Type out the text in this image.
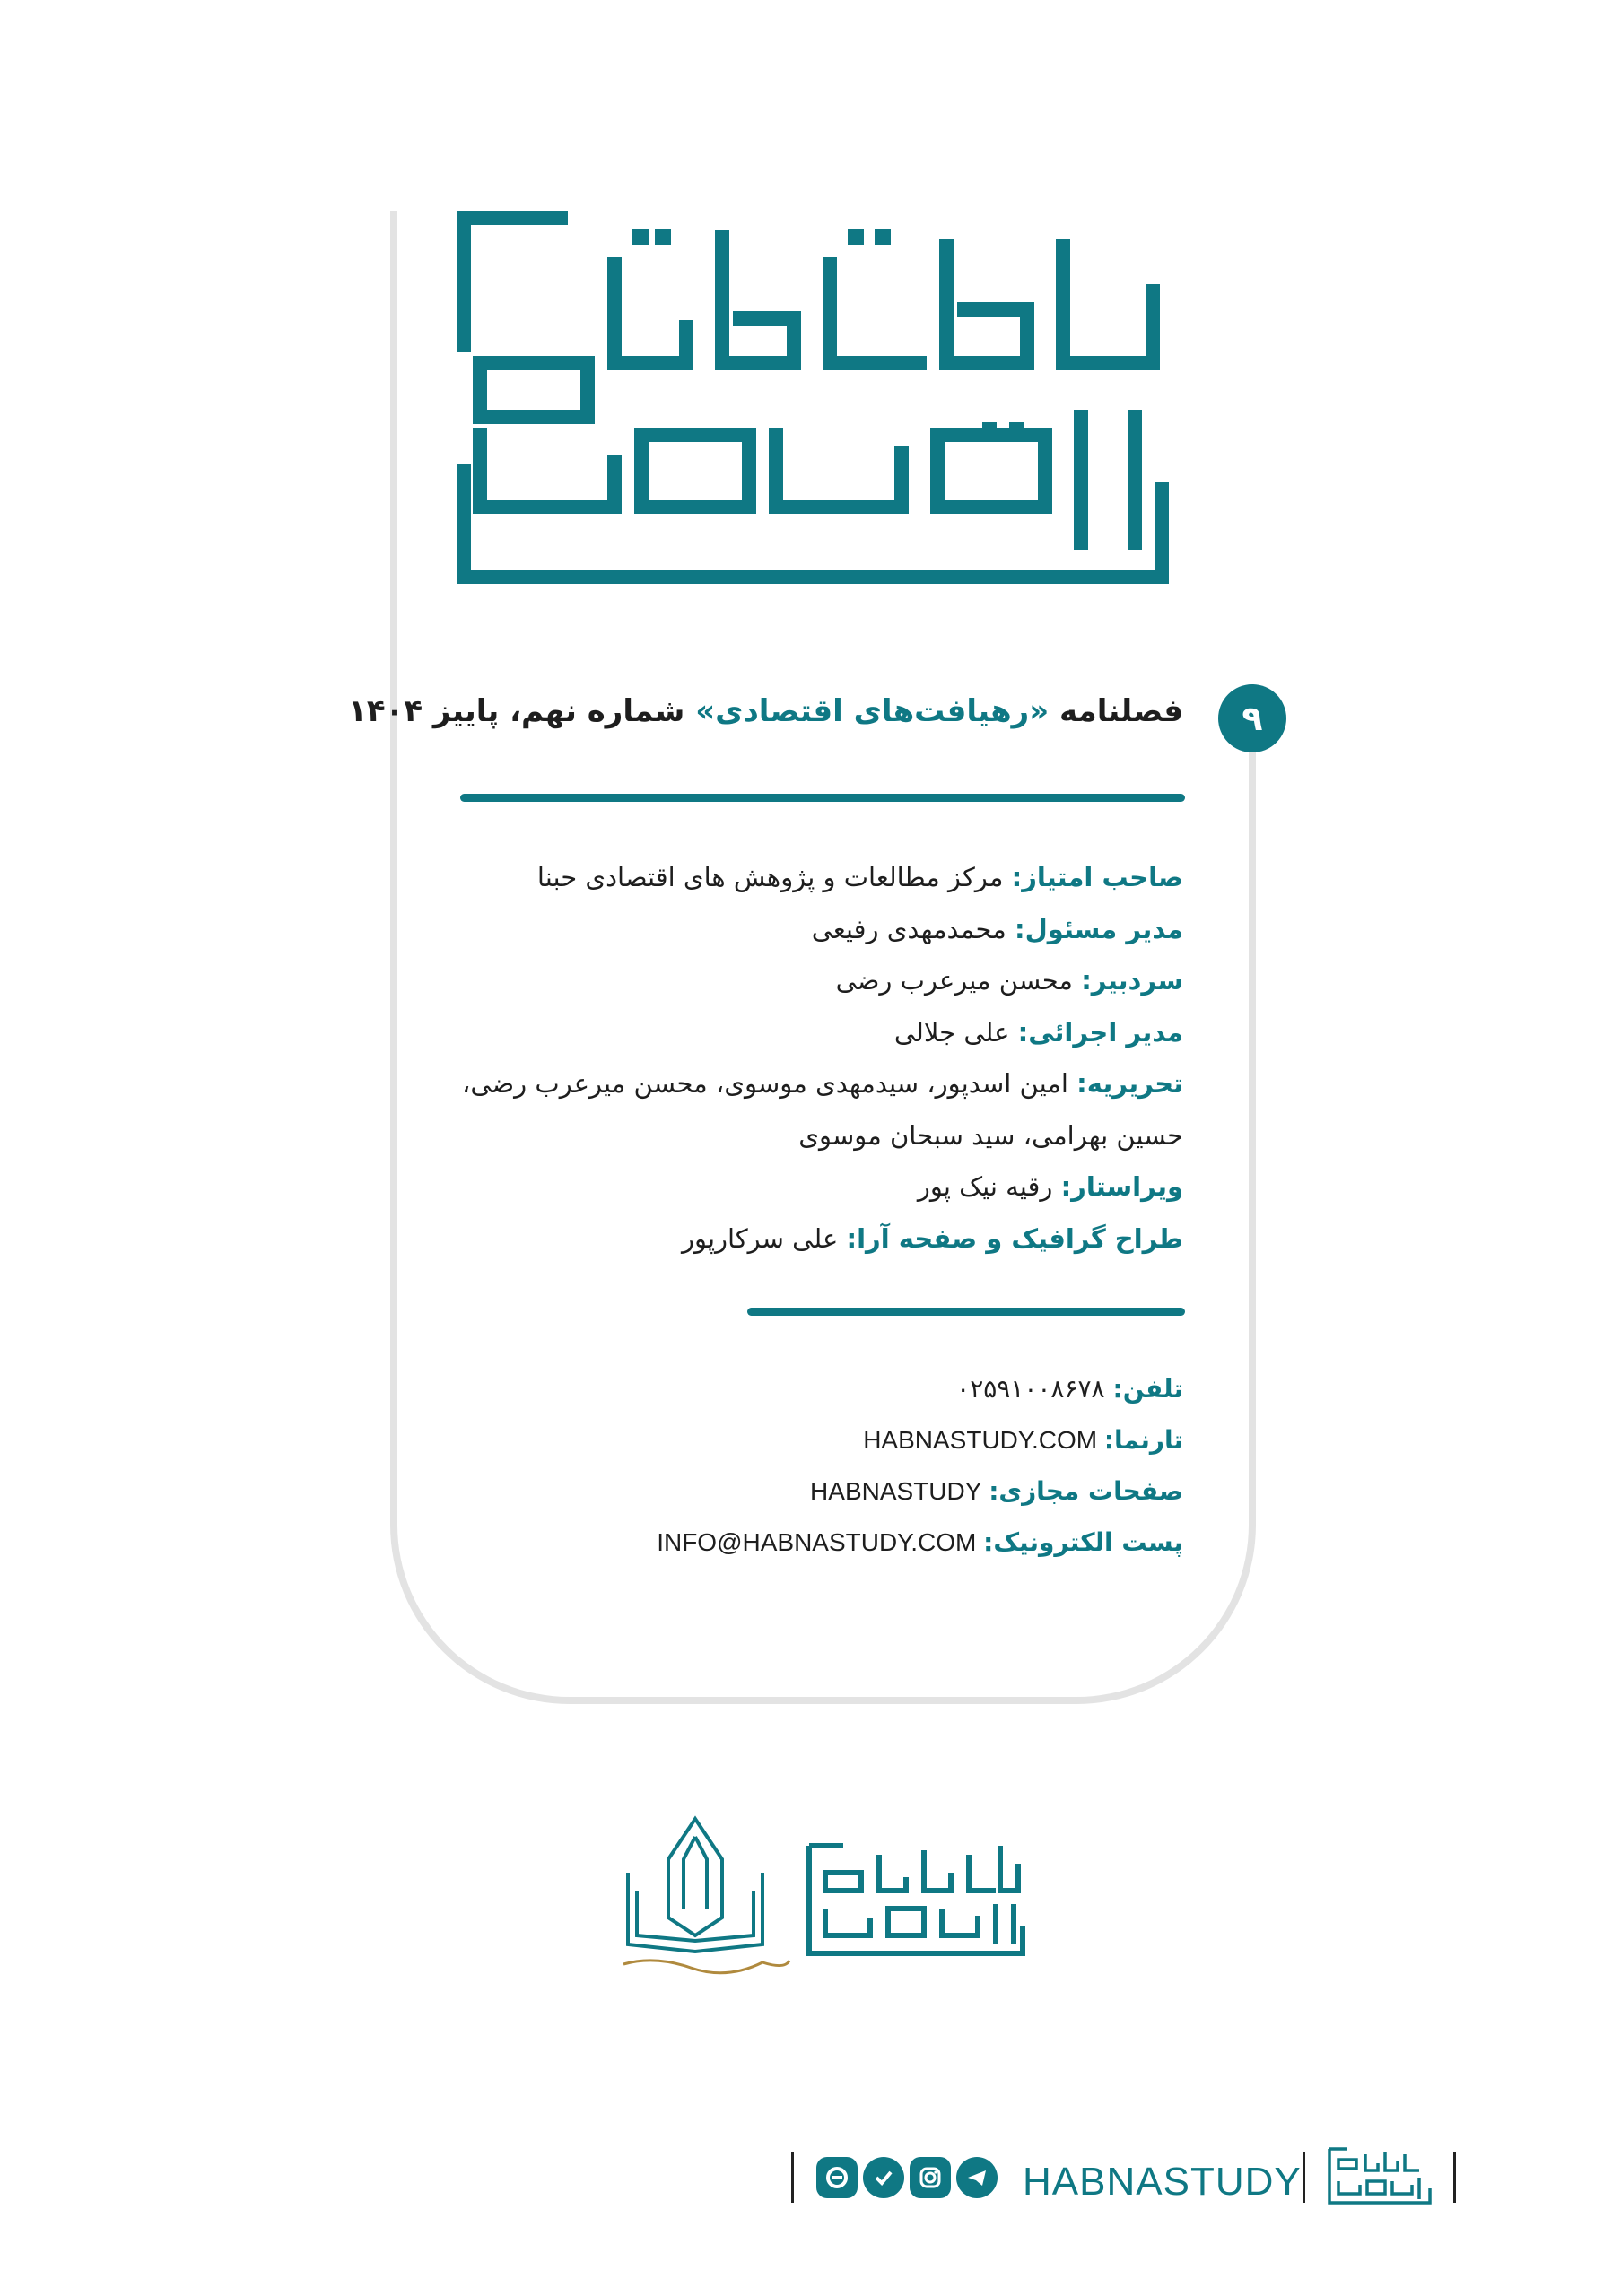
۹
فصلنامه «رهیافت‌های اقتصادی» شماره نهم، پاییز ۱۴۰۴
صاحب امتیاز: مرکز مطالعات و پژوهش های اقتصادی حبنا
مدیر مسئول: محمدمهدی رفیعی
سردبیر: محسن میرعرب رضی
مدیر اجرائی: علی جلالی
تحریریه: امین اسدپور، سیدمهدی موسوی، محسن میرعرب رضی،
حسین بهرامی، سید سبحان موسوی
ویراستار: رقیه نیک پور
طراح گرافیک و صفحه آرا: علی سرکارپور
تلفن: ۰۲۵۹۱۰۰۸۶۷۸
تارنما: HABNASTUDY.COM
صفحات مجازی: HABNASTUDY
پست الکترونیک: INFO@HABNASTUDY.COM
HABNASTUDY
